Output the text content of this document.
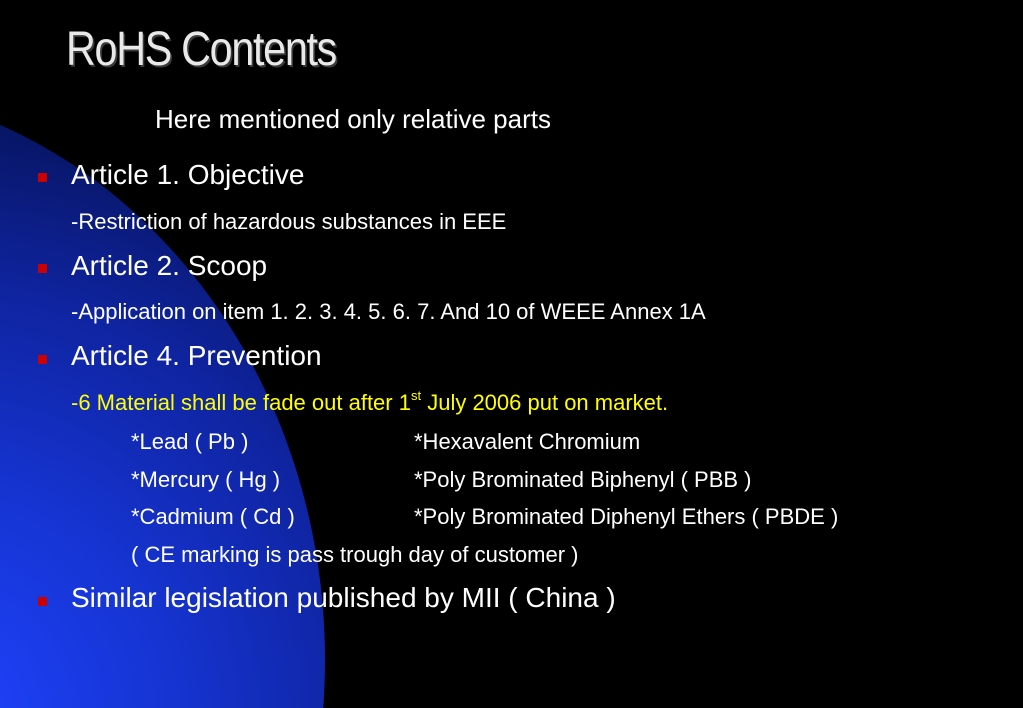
RoHS Contents
Here mentioned only relative parts
Article 1. Objective
-Restriction of hazardous substances in EEE
Article 2. Scoop
-Application on item 1. 2. 3. 4. 5. 6. 7. And 10 of WEEE Annex 1A
Article 4. Prevention
-6 Material shall be fade out after 1st July 2006 put on market.
*Lead ( Pb )	*Hexavalent Chromium
*Mercury ( Hg )	*Poly Brominated Biphenyl ( PBB )
*Cadmium ( Cd )	*Poly Brominated Diphenyl Ethers ( PBDE )
( CE marking is pass trough day of customer )
Similar legislation published by MII ( China )
